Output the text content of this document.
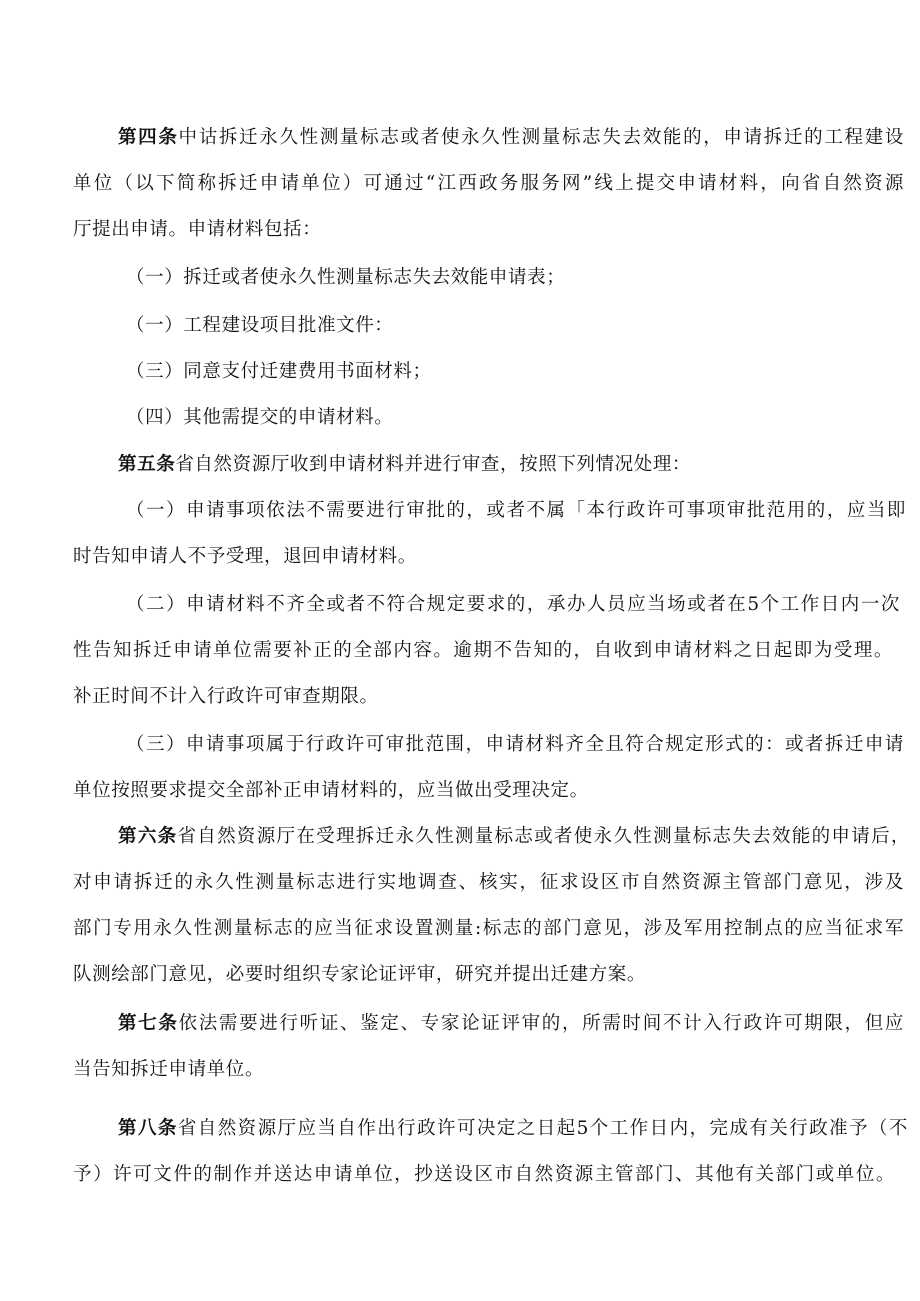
第四条中诂拆迁永久性测量标志或者使永久性测量标志失去效能的，申请拆迁的工程建设
单位（以下简称拆迁申请单位）可通过“江西政务服务网”线上提交申请材料，向省自然资源
厅提出申请。申请材料包括：
（一）拆迁或者使永久性测量标志失去效能申请表；
（一）工程建设项目批准文件：
（三）同意支付迁建费用书面材料；
（四）其他需提交的申请材料。
第五条省自然资源厅收到申请材料并进行审查，按照下列情况处理：
（一）申请事项依法不需要进行审批的，或者不属「本行政许可事项审批范用的，应当即
时告知申请人不予受理，退回申请材料。
（二）申请材料不齐全或者不符合规定要求的，承办人员应当场或者在5个工作日内一次
性告知拆迁申请单位需要补正的全部内容。逾期不告知的，自收到申请材料之日起即为受理。
补正时间不计入行政许可审查期限。
（三）申请事项属于行政许可审批范围，申请材料齐全且符合规定形式的：或者拆迁申请
单位按照要求提交全部补正申请材料的，应当做出受理决定。
第六条省自然资源厅在受理拆迁永久性测量标志或者使永久性测量标志失去效能的申请后，
对申请拆迁的永久性测量标志进行实地调查、核实，征求设区市自然资源主管部门意见，涉及
部门专用永久性测量标志的应当征求设置测量:标志的部门意见，涉及军用控制点的应当征求军
队测绘部门意见，必要时组织专家论证评审，研究并提出迁建方案。
第七条依法需要进行听证、鉴定、专家论证评审的，所需时间不计入行政许可期限，但应
当告知拆迁申请单位。
第八条省自然资源厅应当自作出行政许可决定之日起5个工作日内，完成有关行政准予（不
予）许可文件的制作并送达申请单位，抄送设区市自然资源主管部门、其他有关部门或单位。
